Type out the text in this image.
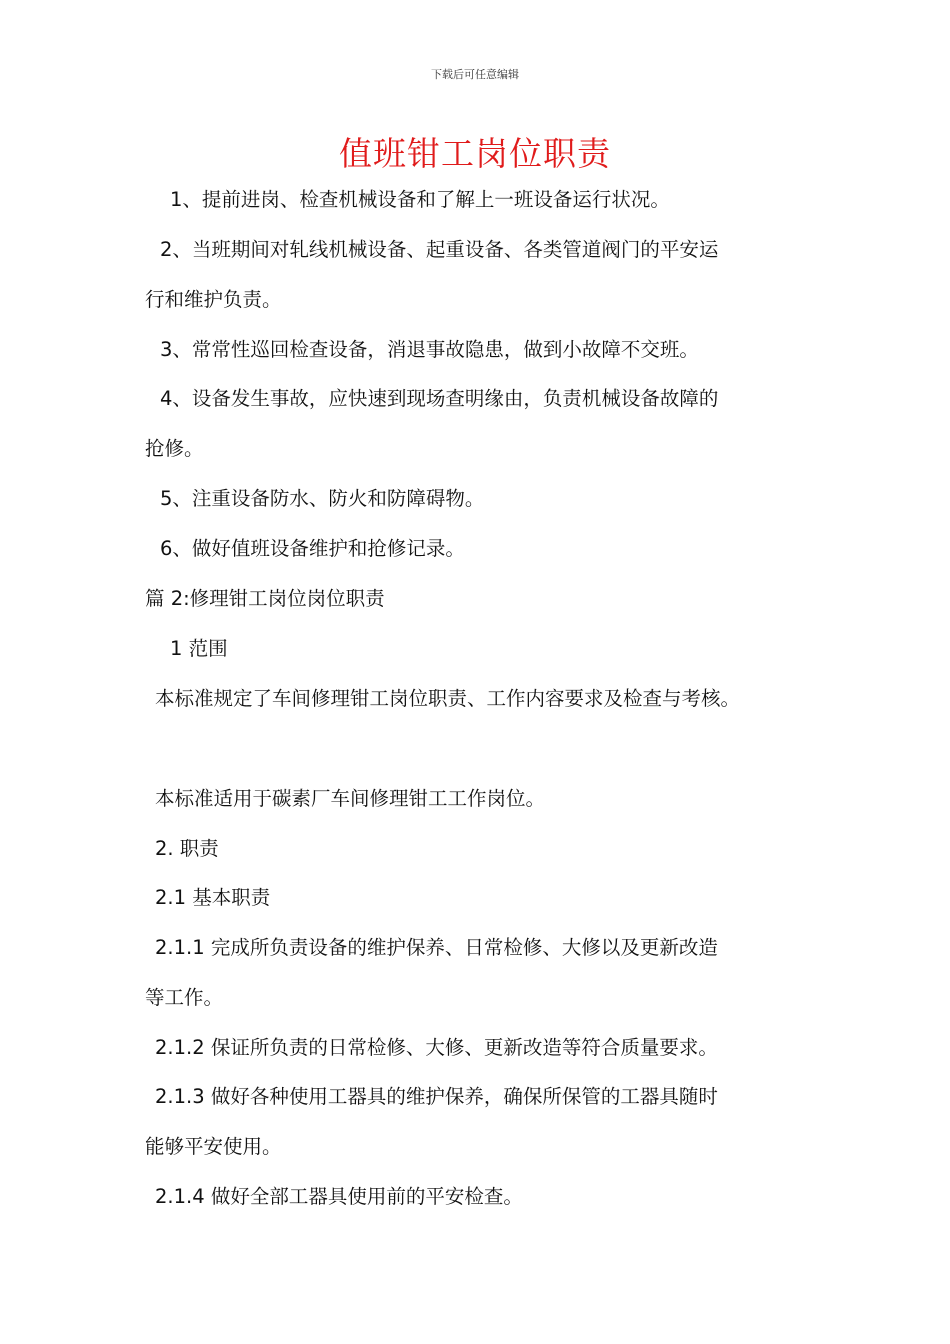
下载后可任意编辑
值班钳工岗位职责
1、提前进岗、检查机械设备和了解上一班设备运行状况。
2、当班期间对轧线机械设备、起重设备、各类管道阀门的平安运
行和维护负责。
3、常常性巡回检查设备，消退事故隐患，做到小故障不交班。
4、设备发生事故，应快速到现场查明缘由，负责机械设备故障的
抢修。
5、注重设备防水、防火和防障碍物。
6、做好值班设备维护和抢修记录。
篇 2:修理钳工岗位岗位职责
1 范围
本标准规定了车间修理钳工岗位职责、工作内容要求及检查与考核。
本标准适用于碳素厂车间修理钳工工作岗位。
2. 职责
2.1 基本职责
2.1.1 完成所负责设备的维护保养、日常检修、大修以及更新改造
等工作。
2.1.2 保证所负责的日常检修、大修、更新改造等符合质量要求。
2.1.3 做好各种使用工器具的维护保养，确保所保管的工器具随时
能够平安使用。
2.1.4 做好全部工器具使用前的平安检查。
